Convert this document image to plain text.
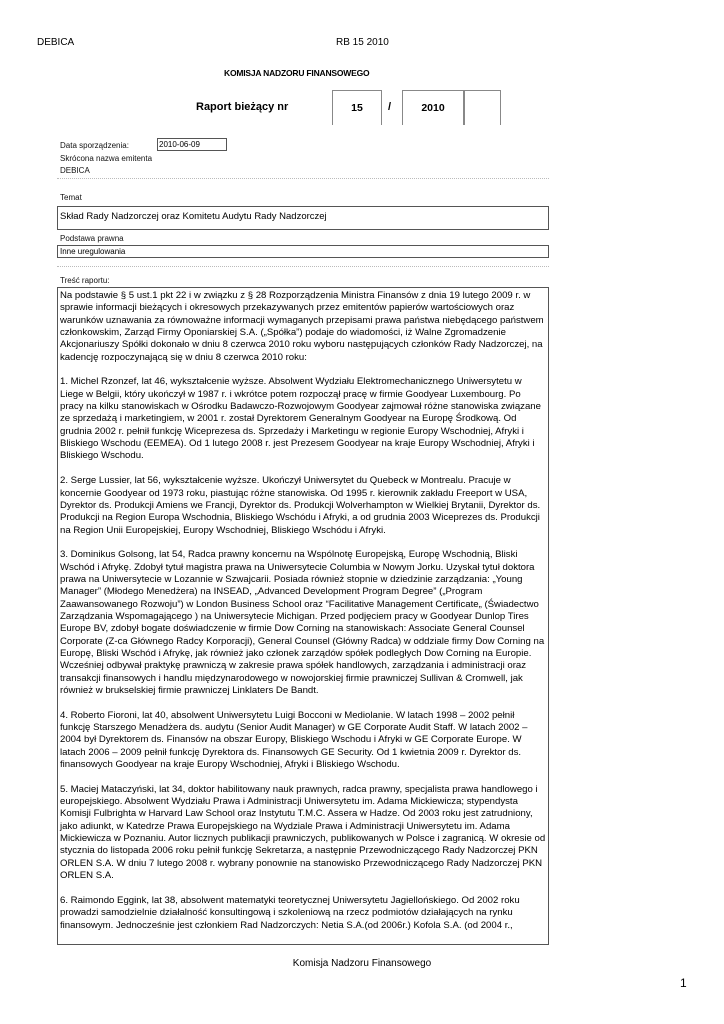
DEBICA	RB 15 2010
KOMISJA NADZORU FINANSOWEGO
Raport bieżący nr	15	/	2010
Data sporządzenia:	2010-06-09
Skrócona nazwa emitenta
DEBICA
Temat
Skład Rady Nadzorczej oraz Komitetu Audytu Rady Nadzorczej
Podstawa prawna
Inne uregulowania
Treść raportu:

Na podstawie § 5 ust.1 pkt 22 i w związku z § 28 Rozporządzenia Ministra Finansów z dnia 19 lutego 2009 r. w sprawie informacji bieżących i okresowych przekazywanych przez emitentów papierów wartościowych oraz warunków uznawania za równoważne informacji wymaganych przepisami prawa państwa niebędącego państwem członkowskim, Zarząd Firmy Oponiarskiej S.A. („Spółka”) podaje do wiadomości, iż Walne Zgromadzenie Akcjonariuszy Spółki dokonało w dniu 8 czerwca 2010 roku wyboru następujących członków Rady Nadzorczej, na kadencję rozpoczynającą się w dniu 8 czerwca 2010 roku:

1. Michel Rzonzef, lat 46, wykształcenie wyższe. Absolwent Wydziału Elektromechanicznego Uniwersytetu w Liege w Belgii, który ukończył w 1987 r. i wkrótce potem rozpoczął pracę w firmie Goodyear Luxembourg. Po pracy na kilku stanowiskach w Ośrodku Badawczo-Rozwojowym Goodyear zajmował różne stanowiska związane ze sprzedażą i marketingiem, w 2001 r. został Dyrektorem Generalnym Goodyear na Europę Środkową. Od grudnia 2002 r. pełnił funkcję Wiceprezesa ds. Sprzedaży i Marketingu w regionie Europy Wschodniej, Afryki i Bliskiego Wschodu (EEMEA). Od 1 lutego 2008 r. jest Prezesem Goodyear na kraje Europy Wschodniej, Afryki i Bliskiego Wschodu.

2. Serge Lussier, lat 56, wykształcenie wyższe. Ukończył Uniwersytet du Quebeck w Montrealu. Pracuje w koncernie Goodyear od 1973 roku, piastując różne stanowiska. Od 1995 r. kierownik zakładu Freeport w USA, Dyrektor ds. Produkcji Amiens we Francji, Dyrektor ds. Produkcji Wolverhampton w Wielkiej Brytanii, Dyrektor ds. Produkcji na Region Europa Wschodnia, Bliskiego Wschódu i Afryki, a od grudnia 2003 Wiceprezes ds. Produkcji na Region Unii Europejskiej, Europy Wschodniej, Bliskiego Wschódu i Afryki.

3. Dominikus Golsong, lat 54, Radca prawny koncernu na Wspólnotę Europejską, Europę Wschodnią, Bliski Wschód i Afrykę. Zdobył tytuł magistra prawa na Uniwersytecie Columbia w Nowym Jorku. Uzyskał tytuł doktora prawa na Uniwersytecie w Lozannie w Szwajcarii. Posiada również stopnie w dziedzinie zarządzania: „Young Manager” (Młodego Menedżera) na INSEAD, „Advanced Development Program Degree” („Program Zaawansowanego Rozwoju”) w London Business School oraz “Facilitative Management Certificate„ (Świadectwo Zarządzania Wspomagającego ) na Uniwersytecie Michigan. Przed podjęciem pracy w Goodyear Dunlop Tires Europe BV, zdobył bogate doświadczenie w firmie Dow Corning na stanowiskach: Associate General Counsel Corporate (Z-ca Głównego Radcy Korporacji), General Counsel (Główny Radca) w oddziale firmy Dow Corning na Europę, Bliski Wschód i Afrykę, jak również jako członek zarządów spółek podległych Dow Corning na Europie. Wcześniej odbywał praktykę prawniczą w zakresie prawa spółek handlowych, zarządzania i administracji oraz transakcji finansowych i handlu międzynarodowego w nowojorskiej firmie prawniczej Sullivan & Cromwell, jak również w brukselskiej firmie prawniczej Linklaters De Bandt.

4. Roberto Fioroni, lat 40, absolwent Uniwersytetu Luigi Bocconi w Mediolanie. W latach 1998 – 2002 pełnił funkcję Starszego Menadżera ds. audytu (Senior Audit Manager) w GE Corporate Audit Staff. W latach 2002 – 2004 był Dyrektorem ds. Finansów na obszar Europy, Bliskiego Wschodu i Afryki w GE Corporate Europe. W latach 2006 – 2009 pełnił funkcję Dyrektora ds. Finansowych GE Security. Od 1 kwietnia 2009 r. Dyrektor ds. finansowych Goodyear na kraje Europy Wschodniej, Afryki i Bliskiego Wschodu.

5. Maciej Mataczyński, lat 34, doktor habilitowany nauk prawnych, radca prawny, specjalista prawa handlowego i europejskiego. Absolwent Wydziału Prawa i Administracji Uniwersytetu im. Adama Mickiewicza; stypendysta Komisji Fulbrighta w Harvard Law School oraz Instytutu T.M.C. Assera w Hadze. Od 2003 roku jest zatrudniony, jako adiunkt, w Katedrze Prawa Europejskiego na Wydziale Prawa i Administracji Uniwersytetu im. Adama Mickiewicza w Poznaniu. Autor licznych publikacji prawniczych, publikowanych w Polsce i zagranicą. W okresie od stycznia do listopada 2006 roku pełnił funkcję Sekretarza, a następnie Przewodniczącego Rady Nadzorczej PKN ORLEN S.A. W dniu 7 lutego 2008 r. wybrany ponownie na stanowisko Przewodniczącego Rady Nadzorczej PKN ORLEN S.A.

6. Raimondo Eggink, lat 38, absolwent matematyki teoretycznej Uniwersytetu Jagiellońskiego. Od 2002 roku prowadzi samodzielnie działalność konsultingową i szkoleniową na rzecz podmiotów działających na rynku finansowym. Jednocześnie jest członkiem Rad Nadzorczych: Netia S.A.(od 2006r.) Kofola S.A. (od 2004 r.,

Komisja Nadzoru Finansowego
1
